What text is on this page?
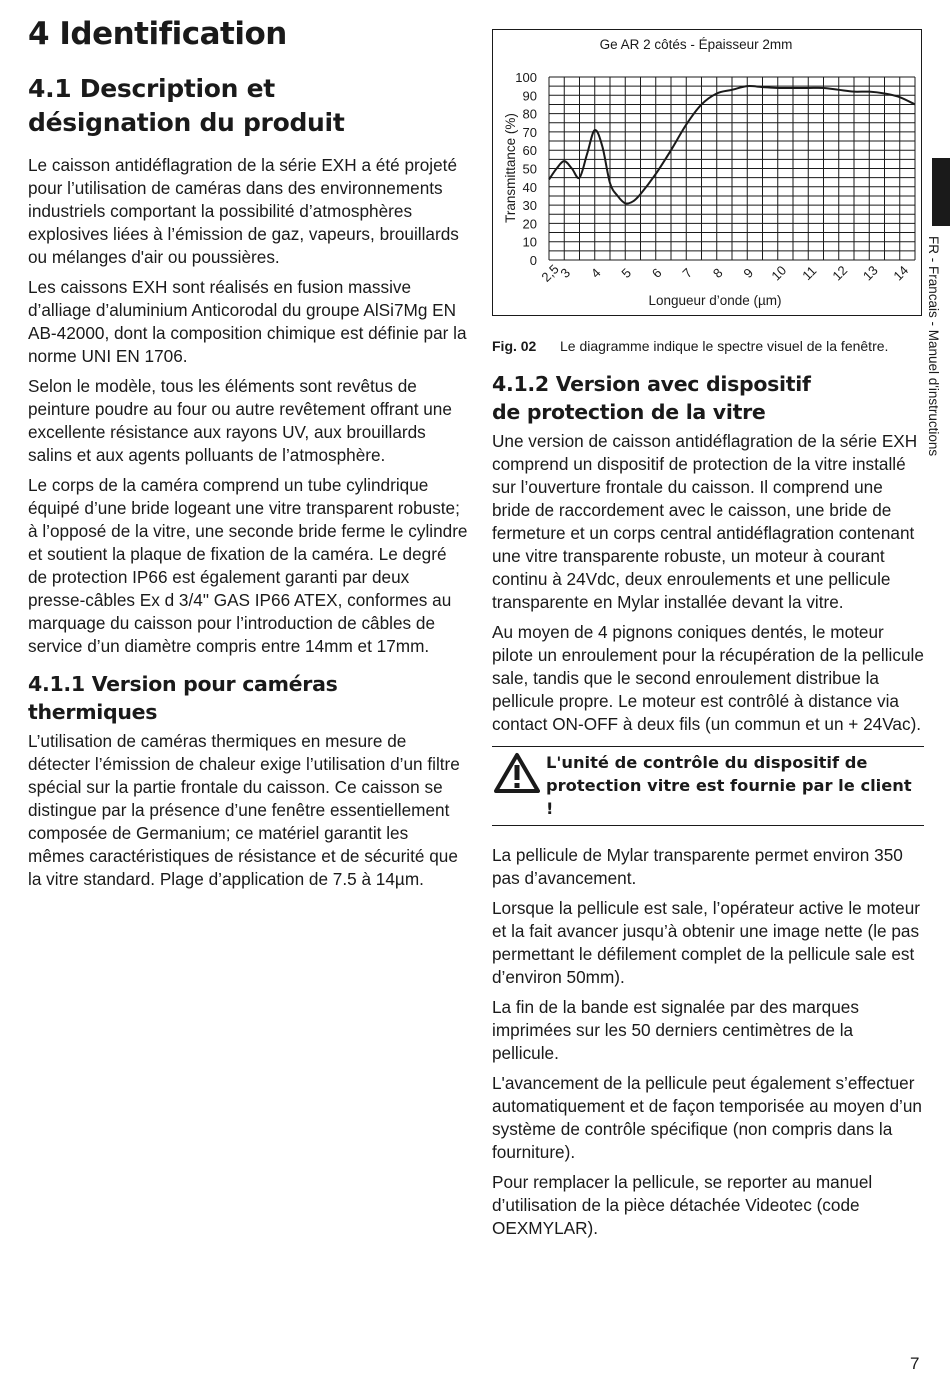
4 Identification
4.1 Description et
désignation du produit

Le caisson antidéflagration de la série EXH a été projeté pour l’utilisation de caméras dans des environnements industriels comportant la possibilité d’atmosphères explosives liées à l’émission de gaz, vapeurs, brouillards ou mélanges d'air ou poussières.

Les caissons EXH sont réalisés en fusion massive d’alliage d’aluminium Anticorodal du groupe AlSi7Mg EN AB-42000, dont la composition chimique est définie par la norme UNI EN 1706.

Selon le modèle, tous les éléments sont revêtus de peinture poudre au four ou autre revêtement offrant une excellente résistance aux rayons UV, aux brouillards salins et aux agents polluants de l’atmosphère.

Le corps de la caméra comprend un tube cylindrique équipé d’une bride logeant une vitre transparent robuste; à l’opposé de la vitre, une seconde bride ferme le cylindre et soutient la plaque de fixation de la caméra. Le degré de protection IP66 est également garanti par deux presse-câbles Ex d 3/4" GAS IP66 ATEX, conformes au marquage du caisson pour l’introduction de câbles de service d’un diamètre compris entre 14mm et 17mm.

4.1.1 Version pour caméras thermiques

L’utilisation de caméras thermiques en mesure de détecter l’émission de chaleur exige l’utilisation d’un filtre spécial sur la partie frontale du caisson. Ce caisson se distingue par la présence d’une fenêtre essentiellement composée de Germanium; ce matériel garantit les mêmes caractéristiques de résistance et de sécurité que la vitre standard. Plage d’application de 7.5 à 14µm.

Ge AR 2 côtés - Épaisseur 2mm
0
10
20
30
40
50
60
70
80
90
100
2,5
3 4 5 6 7 8 9 10 11 12 13 14
Longueur d’onde (µm)
Transmittance (%)
Fig. 02 Le diagramme indique le spectre visuel de la fenêtre.
4.1.2 Version avec dispositif
de protection de la vitre

Une version de caisson antidéflagration de la série EXH comprend un dispositif de protection de la vitre installé sur l’ouverture frontale du caisson. Il comprend une bride de raccordement avec le caisson, une bride de fermeture et un corps central antidéflagration contenant une vitre transparente robuste, un moteur à courant continu à 24Vdc, deux enroulements et une pellicule transparente en Mylar installée devant la vitre.

Au moyen de 4 pignons coniques dentés, le moteur pilote un enroulement pour la récupération de la pellicule sale, tandis que le second enroulement distribue la pellicule propre. Le moteur est contrôlé à distance via contact ON-OFF à deux fils (un commun et un + 24Vac).

L'unité de contrôle du dispositif de protection vitre est fournie par le client !

La pellicule de Mylar transparente permet environ 350 pas d’avancement.

Lorsque la pellicule est sale, l’opérateur active le moteur et la fait avancer jusqu’à obtenir une image nette (le pas permettant le défilement complet de la pellicule sale est d’environ 50mm).

La fin de la bande est signalée par des marques imprimées sur les 50 derniers centimètres de la pellicule.

L'avancement de la pellicule peut également s’effectuer automatiquement et de façon temporisée au moyen d’un système de contrôle spécifique (non compris dans la fourniture).

Pour remplacer la pellicule, se reporter au manuel d’utilisation de la pièce détachée Videotec (code OEXMYLAR).

FR - Francais - Manuel d'instructions
7
